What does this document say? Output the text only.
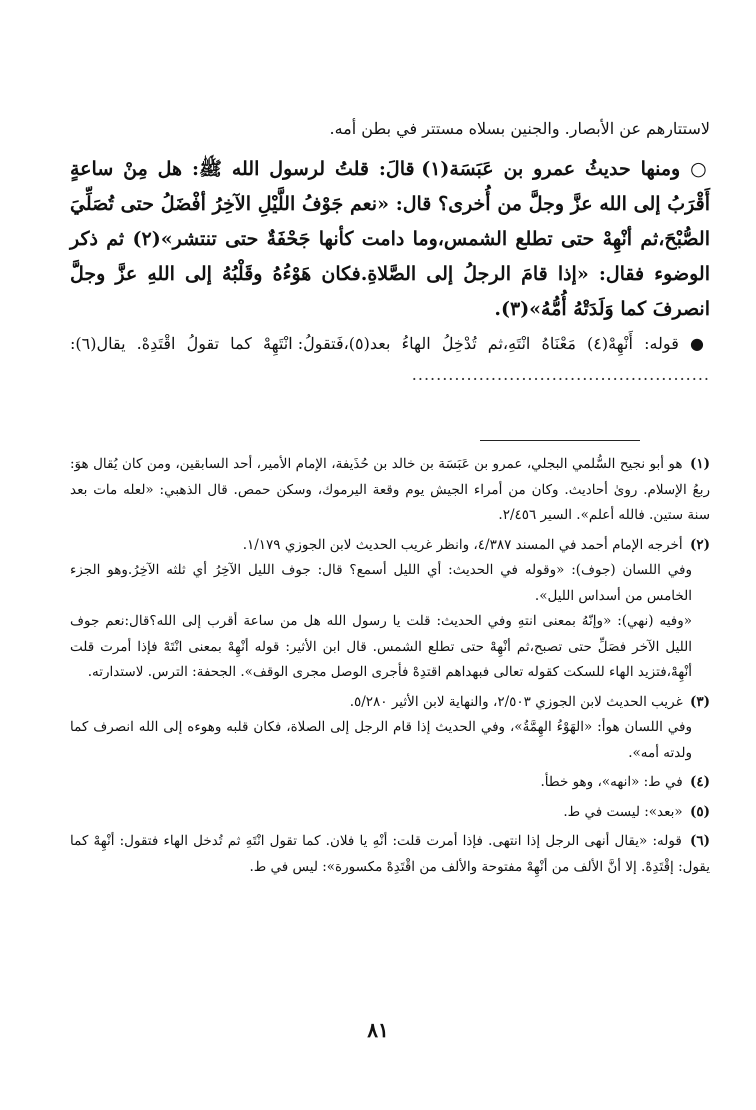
لاستتارهم عن الأبصار. والجنين بسلاه مستتر في بطن أمه.
○ ومنها حديثُ عمرو بن عَبَسَة(١) قالَ: قلتُ لرسول الله ﷺ: هل مِنْ ساعةٍ أَقْرَبُ إلى الله عزَّ وجلَّ من أُخرى؟ قال: «نعم جَوْفُ اللَّيْلِ الآخِرُ أفْضَلُ حتى تُصَلِّيَ الصُّبْحَ،ثم أنْهِهْ حتى تطلع الشمس،وما دامت كأنها جَحْفَةٌ حتى تنتشر»(٢) ثم ذكر الوضوء فقال: «إذا قامَ الرجلُ إلى الصَّلاةِ.فكان هَوْءُهُ وقَلْبُهُ إلى اللهِ عزَّ وجلَّ انصرفَ كما وَلَدَتْهُ أُمُّهُ»(٣).
● قوله: أَنْهِهْ(٤) مَعْنَاهُ انْتَهِ،ثم تُدْخِلُ الهاءُ بعد(٥)،فَتقولُ: انْتَهِهْ كما تقولُ اقْتَدِهْ. يقال(٦): .................................................
(١) هو أبو نجيح السُّلمي البجلي، عمرو بن عَبَسَة بن خالد بن حُذَيفة، الإمام الأمير، أحد السابقين، ومن كان يُقال هوَ: ربعُ الإسلام. روىٰ أحاديث. وكان من أمراء الجيش يوم وقعة اليرموك، وسكن حمص. قال الذهبي: «لعله مات بعد سنة ستين. فالله أعلم». السير ٢/٤٥٦.
(٢) أخرجه الإمام أحمد في المسند ٤/٣٨٧، وانظر غريب الحديث لابن الجوزي ١/١٧٩.
وفي اللسان (جوف): «وقوله في الحديث: أي الليل أسمع؟ قال: جوف الليل الآخِرُ أي ثلثه الآخِرُ.وهو الجزء الخامس من أسداس الليل».
«وفيه (نهي): «وإنّهُ بمعنى انتهِ وفي الحديث: قلت يا رسول الله هل من ساعة أقرب إلى الله؟قال:نعم جوف الليل الآخر فصَلِّ حتى تصبح،ثم أنْهِهْ حتى تطلع الشمس. قال ابن الأثير: قوله أنْهِهْ بمعنى انْتَهْ فإذا أمرت قلت أنْهِهْ،فتزيد الهاء للسكت كقوله تعالى فبهداهم اقتدِهْ فأجرى الوصل مجرى الوقف». الجحفة: الترس. لاستدارته.
(٣) غريب الحديث لابن الجوزي ٢/٥٠٣، والنهاية لابن الأثير ٥/٢٨٠.
وفي اللسان هوأ: «الهَوْءُ الهِمَّةُ»، وفي الحديث إذا قام الرجل إلى الصلاة، فكان قلبه وهوءه إلى الله انصرف كما ولدته أمه».
(٤) في ط: «انهه»، وهو خطأ.
(٥) «بعد»: ليست في ط.
(٦) قوله: «يقال أنهى الرجل إذا انتهى. فإذا أمرت قلت: أنْهِ يا فلان. كما تقول انْتَهِ ثم تُدخل الهاء فتقول: أنْهِهْ كما يقول: إقْتَدِهْ. إلا أنَّ الألف من أنْهِهْ مفتوحة والألف من اقْتَدِهْ مكسورة»: ليس في ط.
٨١
